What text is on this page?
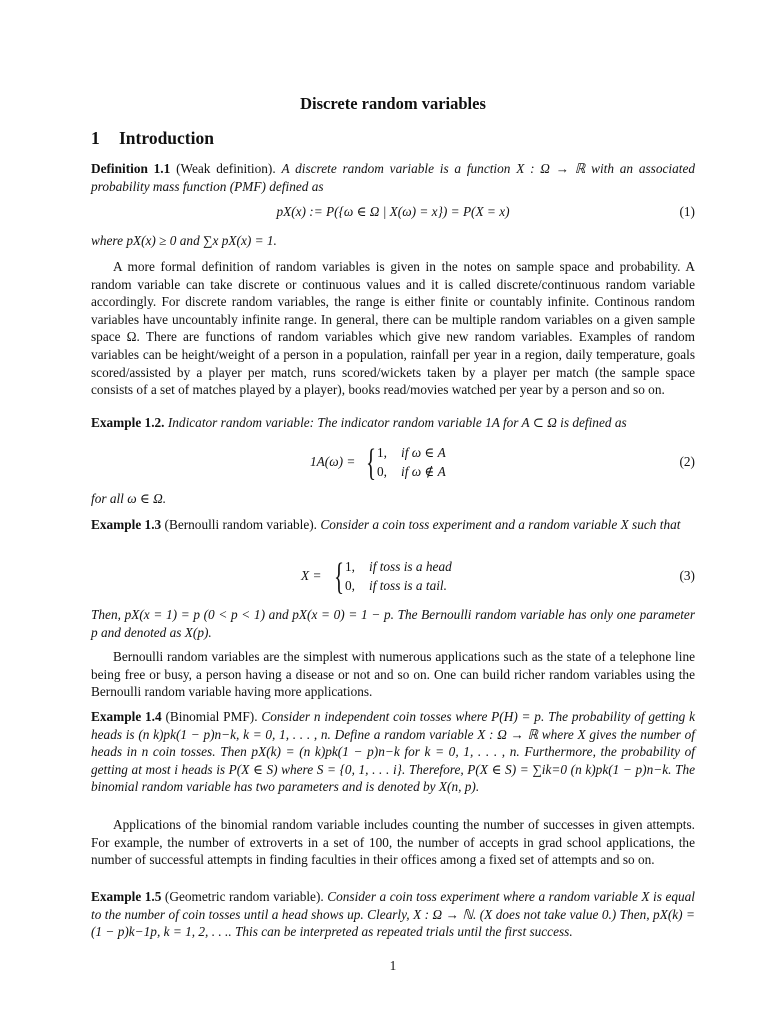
Discrete random variables
1 Introduction
Definition 1.1 (Weak definition). A discrete random variable is a function X : Ω → ℝ with an associated probability mass function (PMF) defined as
pX(x) := P({ω ∈ Ω | X(ω) = x}) = P(X = x)	(1)
where pX(x) ≥ 0 and ∑x pX(x) = 1.
A more formal definition of random variables is given in the notes on sample space and probability. A random variable can take discrete or continuous values and it is called discrete/continuous random variable accordingly. For discrete random variables, the range is either finite or countably infinite. Continous random variables have uncountably infinite range. In general, there can be multiple random variables on a given sample space Ω. There are functions of random variables which give new random variables. Examples of random variables can be height/weight of a person in a population, rainfall per year in a region, daily temperature, goals scored/assisted by a player per match, runs scored/wickets taken by a player per match (the sample space consists of a set of matches played by a player), books read/movies watched per year by a person and so on.
Example 1.2. Indicator random variable: The indicator random variable 1A for A ⊂ Ω is defined as
1A(ω) = { 1, if ω ∈ A
0, if ω ∉ A
(2)
for all ω ∈ Ω.
Example 1.3 (Bernoulli random variable). Consider a coin toss experiment and a random variable X such that
X = { 1, if toss is a head
0, if toss is a tail.
(3)
Then, pX(x = 1) = p (0 < p < 1) and pX(x = 0) = 1 − p. The Bernoulli random variable has only one parameter p and denoted as X(p).
Bernoulli random variables are the simplest with numerous applications such as the state of a telephone line being free or busy, a person having a disease or not and so on. One can build richer random variables using the Bernoulli random variable having more applications.
Example 1.4 (Binomial PMF). Consider n independent coin tosses where P(H) = p. The probability of getting k heads is (n k)pk(1 − p)n−k, k = 0, 1, . . . , n. Define a random variable X : Ω → ℝ where X gives the number of heads in n coin tosses. Then pX(k) = (n k)pk(1 − p)n−k for k = 0, 1, . . . , n. Furthermore, the probability of getting at most i heads is P(X ∈ S) where S = {0, 1, . . . i}. Therefore, P(X ∈ S) = ∑ik=0 (n k)pk(1 − p)n−k. The binomial random variable has two parameters and is denoted by X(n, p).
Applications of the binomial random variable includes counting the number of successes in given attempts. For example, the number of extroverts in a set of 100, the number of accepts in grad school applications, the number of successful attempts in finding faculties in their offices among a fixed set of attempts and so on.
Example 1.5 (Geometric random variable). Consider a coin toss experiment where a random variable X is equal to the number of coin tosses until a head shows up. Clearly, X : Ω → ℕ. (X does not take value 0.) Then, pX(k) = (1 − p)k−1p, k = 1, 2, . . .. This can be interpreted as repeated trials until the first success.
1
